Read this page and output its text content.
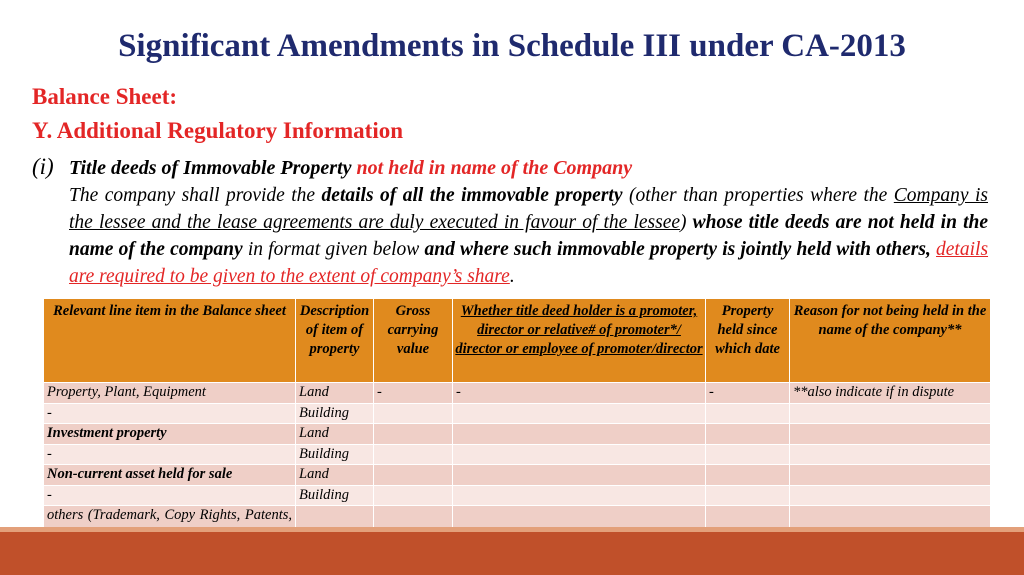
Significant Amendments in Schedule III under CA-2013
Balance Sheet:
Y. Additional Regulatory Information
(i) Title deeds of Immovable Property not held in name of the Company
The company shall provide the details of all the immovable property (other than properties where the Company is the lessee and the lease agreements are duly executed in favour of the lessee) whose title deeds are not held in the name of the company in format given below and where such immovable property is jointly held with others, details are required to be given to the extent of company’s share.
Relevant line item in the Balance sheet	Description of item of property	Gross carrying value	Whether title deed holder is a promoter, director or relative# of promoter*/ director or employee of promoter/director	Property held since which date	Reason for not being held in the name of the company**
Property, Plant, Equipment	Land	-	-	-	**also indicate if in dispute
-	Building				
Investment property	Land				
-	Building				
Non-current asset held for sale	Land				
-	Building				
others (Trademark, Copy Rights, Patents,					
